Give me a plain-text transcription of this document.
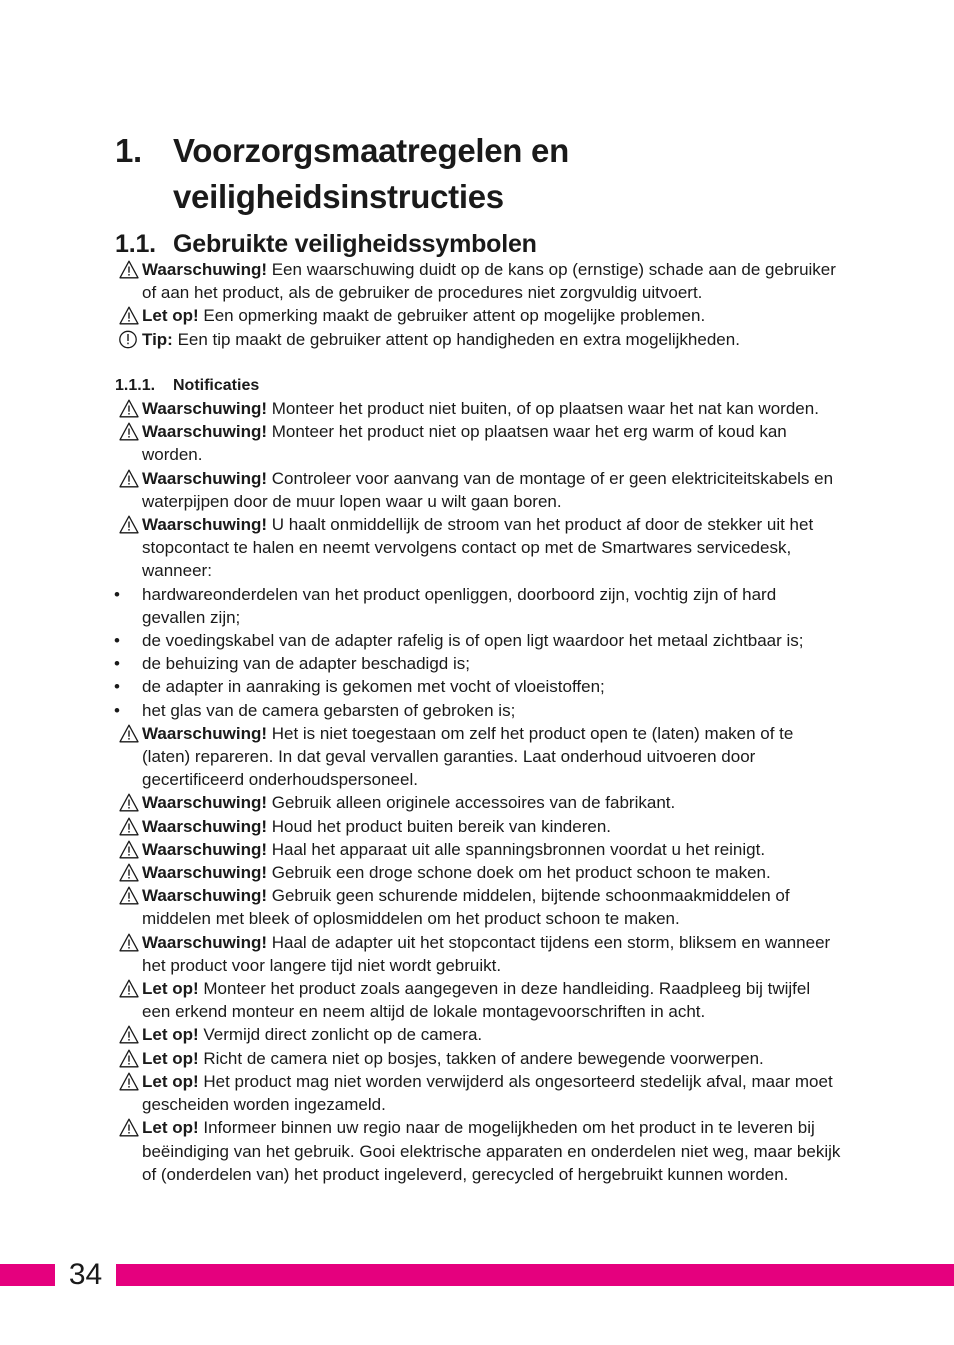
1. Voorzorgsmaatregelen en veiligheidsinstructies
1.1. Gebruikte veiligheidssymbolen
Waarschuwing! Een waarschuwing duidt op de kans op (ernstige) schade aan de gebruiker of aan het product, als de gebruiker de procedures niet zorgvuldig uitvoert.
Let op! Een opmerking maakt de gebruiker attent op mogelijke problemen.
Tip: Een tip maakt de gebruiker attent op handigheden en extra mogelijkheden.
1.1.1. Notificaties
Waarschuwing! Monteer het product niet buiten, of op plaatsen waar het nat kan worden.
Waarschuwing! Monteer het product niet op plaatsen waar het erg warm of koud kan worden.
Waarschuwing! Controleer voor aanvang van de montage of er geen elektriciteitskabels en waterpijpen door de muur lopen waar u wilt gaan boren.
Waarschuwing! U haalt onmiddellijk de stroom van het product af door de stekker uit het stopcontact te halen en neemt vervolgens contact op met de Smartwares servicedesk, wanneer:
• hardwareonderdelen van het product openliggen, doorboord zijn, vochtig zijn of hard gevallen zijn;
• de voedingskabel van de adapter rafelig is of open ligt waardoor het metaal zichtbaar is;
• de behuizing van de adapter beschadigd is;
• de adapter in aanraking is gekomen met vocht of vloeistoffen;
• het glas van de camera gebarsten of gebroken is;
Waarschuwing! Het is niet toegestaan om zelf het product open te (laten) maken of te (laten) repareren. In dat geval vervallen garanties. Laat onderhoud uitvoeren door gecertificeerd onderhoudspersoneel.
Waarschuwing! Gebruik alleen originele accessoires van de fabrikant.
Waarschuwing! Houd het product buiten bereik van kinderen.
Waarschuwing! Haal het apparaat uit alle spanningsbronnen voordat u het reinigt.
Waarschuwing! Gebruik een droge schone doek om het product schoon te maken.
Waarschuwing! Gebruik geen schurende middelen, bijtende schoonmaakmiddelen of middelen met bleek of oplosmiddelen om het product schoon te maken.
Waarschuwing! Haal de adapter uit het stopcontact tijdens een storm, bliksem en wanneer het product voor langere tijd niet wordt gebruikt.
Let op! Monteer het product zoals aangegeven in deze handleiding. Raadpleeg bij twijfel een erkend monteur en neem altijd de lokale montagevoorschriften in acht.
Let op! Vermijd direct zonlicht op de camera.
Let op! Richt de camera niet op bosjes, takken of andere bewegende voorwerpen.
Let op! Het product mag niet worden verwijderd als ongesorteerd stedelijk afval, maar moet gescheiden worden ingezameld.
Let op! Informeer binnen uw regio naar de mogelijkheden om het product in te leveren bij beëindiging van het gebruik. Gooi elektrische apparaten en onderdelen niet weg, maar bekijk of (onderdelen van) het product ingeleverd, gerecycled of hergebruikt kunnen worden.
34
